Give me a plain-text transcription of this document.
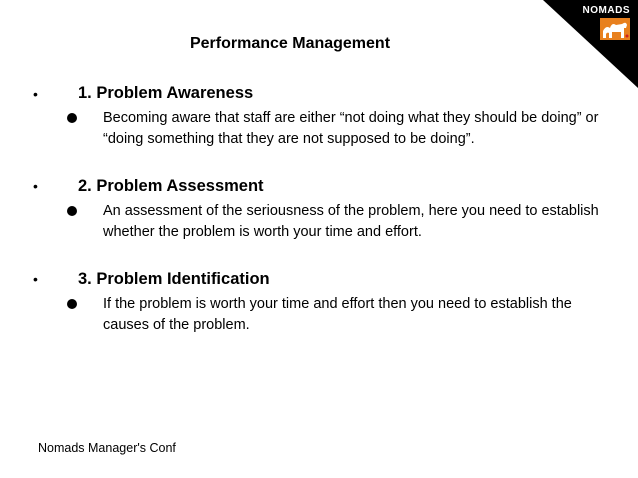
NOMADS
Performance Management
• 1. Problem Awareness
Becoming aware that staff are either “not doing what they should be doing” or “doing something that they are not supposed to be doing”.
• 2. Problem Assessment
An assessment of the seriousness of the problem, here you need to establish whether the problem is worth your time and effort.
• 3. Problem Identification
If the problem is worth your time and effort then you need to establish the causes of the problem.
Nomads Manager's Conf
